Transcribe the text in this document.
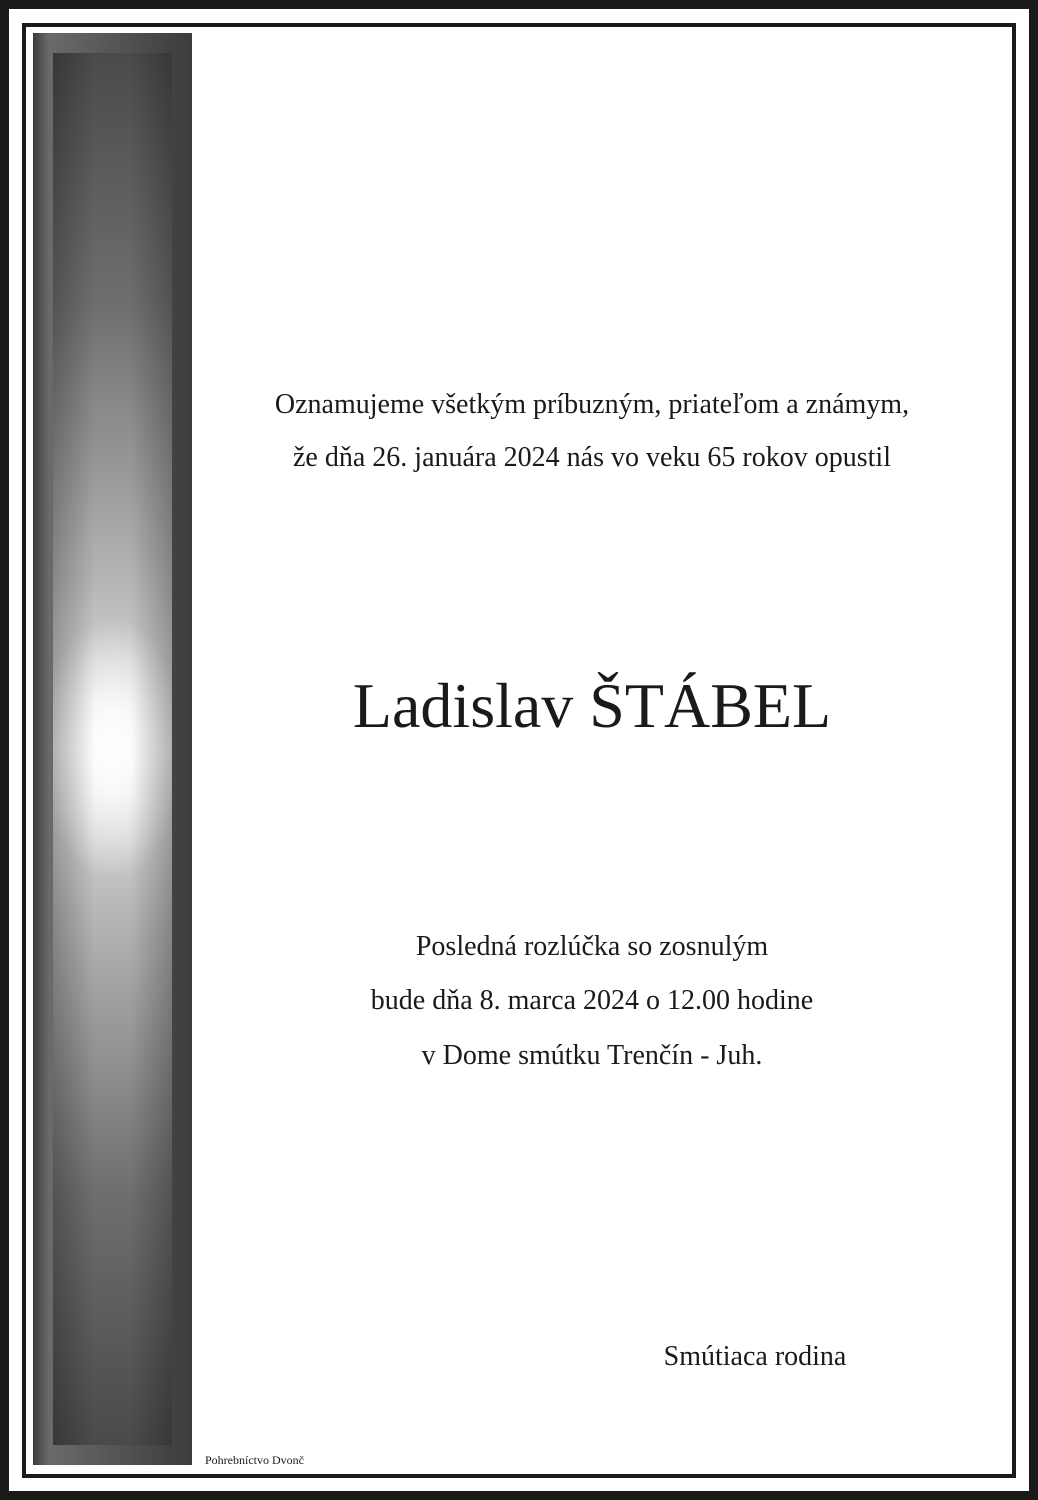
Oznamujeme všetkým príbuzným, priateľom a známym,
že dňa 26. januára 2024 nás vo veku 65 rokov opustil
Ladislav ŠTÁBEL
Posledná rozlúčka so zosnulým
bude dňa 8. marca 2024 o 12.00 hodine
v Dome smútku Trenčín - Juh.
Smútiaca rodina
Pohrebníctvo Dvonč
